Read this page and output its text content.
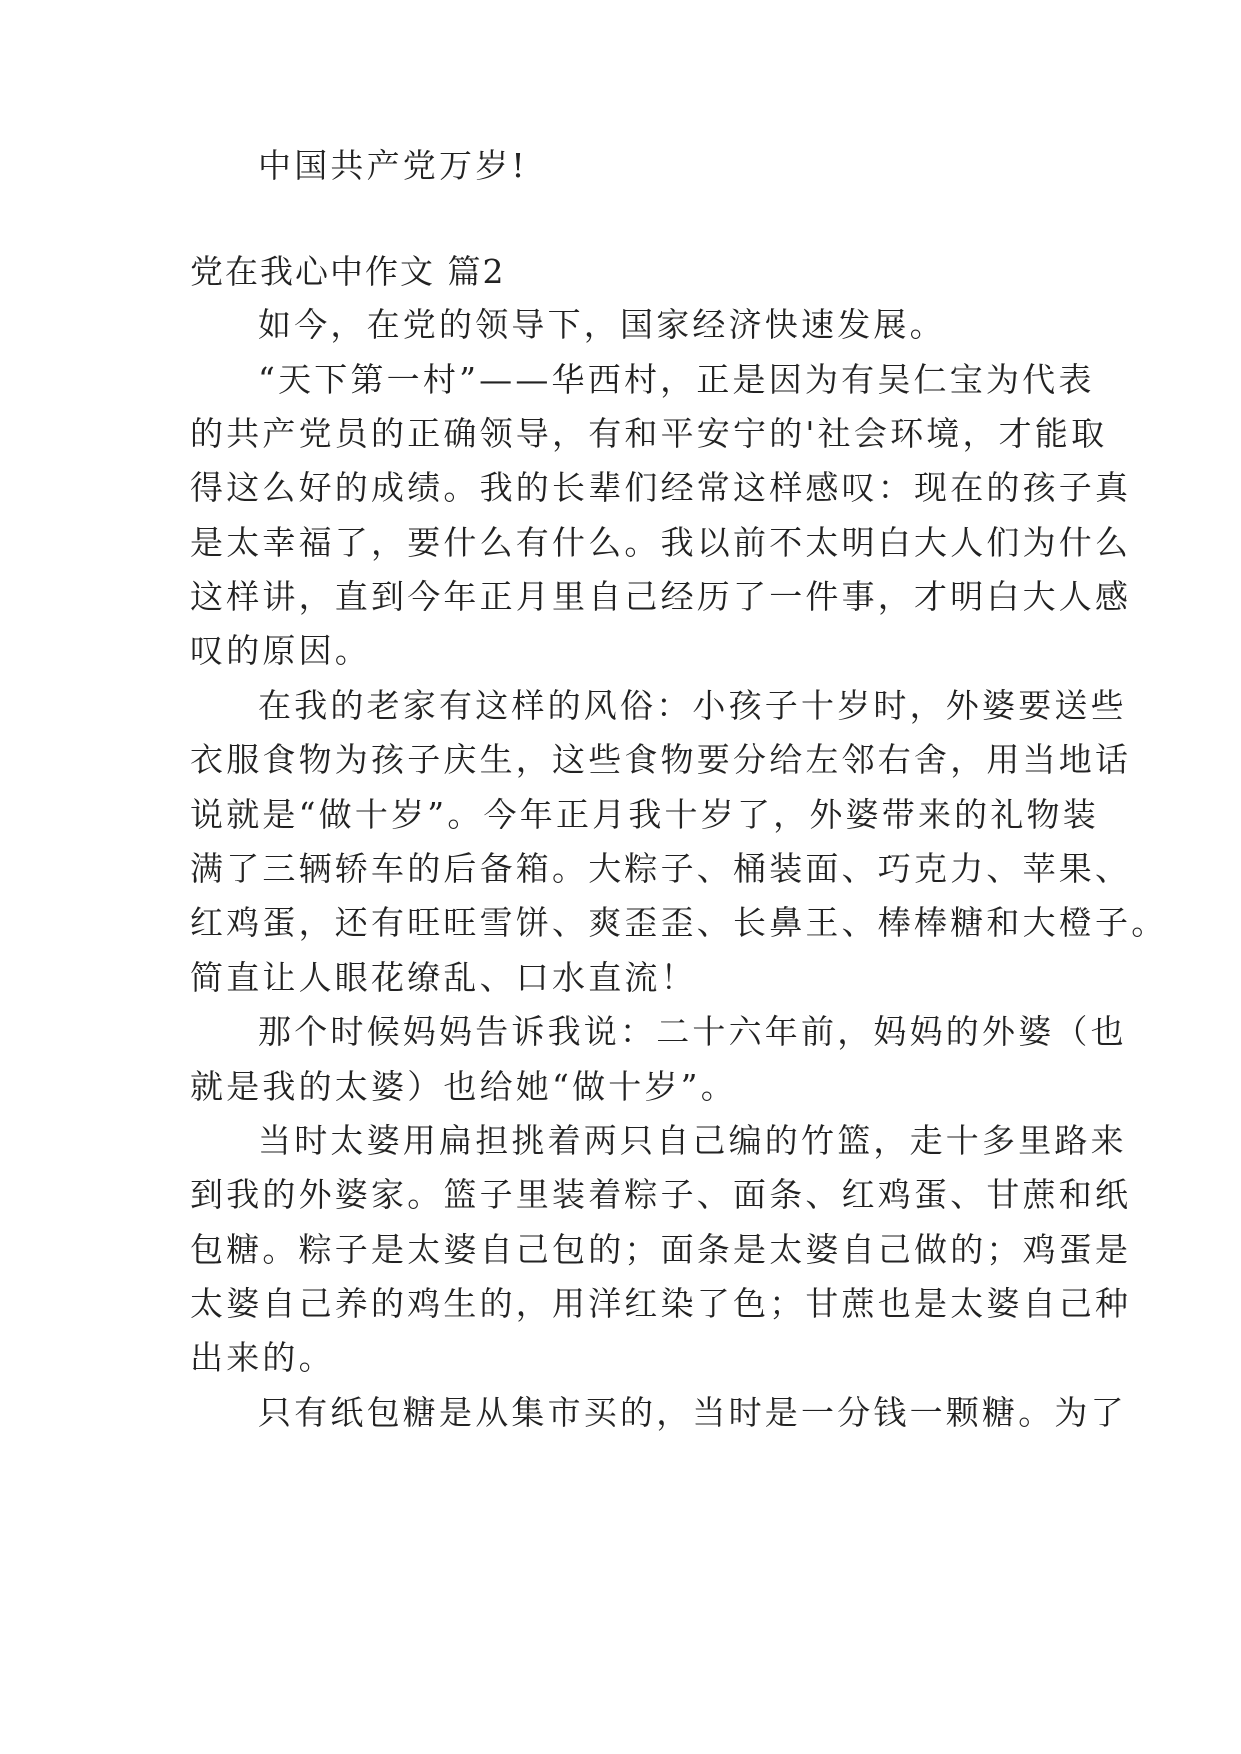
中国共产党万岁!
党在我心中作文 篇2
如今，在党的领导下，国家经济快速发展。
“天下第一村”——华西村，正是因为有吴仁宝为代表
的共产党员的正确领导，有和平安宁的'社会环境，才能取
得这么好的成绩。我的长辈们经常这样感叹：现在的孩子真
是太幸福了，要什么有什么。我以前不太明白大人们为什么
这样讲，直到今年正月里自己经历了一件事，才明白大人感
叹的原因。
在我的老家有这样的风俗：小孩子十岁时，外婆要送些
衣服食物为孩子庆生，这些食物要分给左邻右舍，用当地话
说就是“做十岁”。今年正月我十岁了，外婆带来的礼物装
满了三辆轿车的后备箱。大粽子、桶装面、巧克力、苹果、
红鸡蛋，还有旺旺雪饼、爽歪歪、长鼻王、棒棒糖和大橙子。
简直让人眼花缭乱、口水直流！
那个时候妈妈告诉我说：二十六年前，妈妈的外婆（也
就是我的太婆）也给她“做十岁”。
当时太婆用扁担挑着两只自己编的竹篮，走十多里路来
到我的外婆家。篮子里装着粽子、面条、红鸡蛋、甘蔗和纸
包糖。粽子是太婆自己包的；面条是太婆自己做的；鸡蛋是
太婆自己养的鸡生的，用洋红染了色；甘蔗也是太婆自己种
出来的。
只有纸包糖是从集市买的，当时是一分钱一颗糖。为了
